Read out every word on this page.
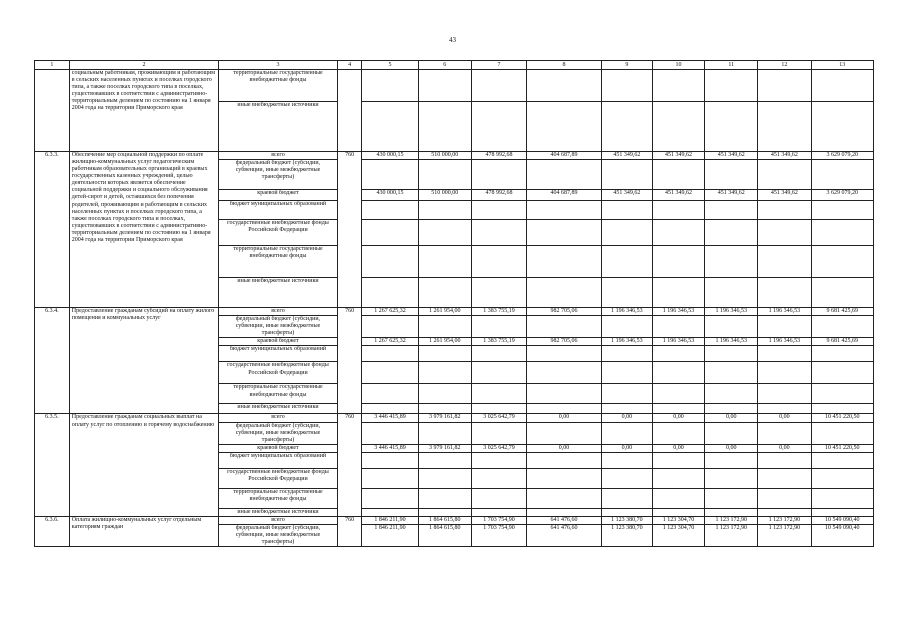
43
1	2	3	4	5	6	7	8	9	10	11	12	13
	социальным работникам, проживающим и работающим в сельских населенных пунктах и поселках городского типа, а также поселках городского типа в поселках, существовавших в соответствии с административно-территориальным делением по состоянию на 1 января 2004 года на территории Приморского края	территориальные государственные внебюджетные фонды										
		иные внебюджетные источники										
6.3.3.	Обеспечение мер социальной поддержки по оплате жилищно-коммунальных услуг педагогическим работникам образовательных организаций в краевых государственных казенных учреждений, целью деятельности которых является обеспечение социальной поддержки и социального обслуживания детей-сирот и детей, оставшихся без попечения родителей, проживающим и работающим в сельских населенных пунктах и поселках городского типа, а также поселках городского типа и поселках, существовавших в соответствии с административно-территориальным делением по состоянию на 1 января 2004 года на территории Приморского края	всего	760	430 000,15	510 000,00	478 992,68	404 687,89	451 349,62	451 349,62	451 349,62	451 349,62	3 629 079,20
		федеральный бюджет (субсидии, субвенции, иные межбюджетные трансферты)										
		краевой бюджет		430 000,15	510 000,00	478 992,68	404 687,89	451 349,62	451 349,62	451 349,62	451 349,62	3 629 079,20
		бюджет муниципальных образований										
		государственные внебюджетные фонды Российской Федерации										
		территориальные государственные внебюджетные фонды										
		иные внебюджетные источники										
6.3.4.	Предоставление гражданам субсидий на оплату жилого помещения и коммунальных услуг	всего	760	1 267 625,32	1 261 954,00	1 383 755,19	982 705,06	1 196 346,53	1 196 346,53	1 196 346,53	1 196 346,53	9 681 425,69
		федеральный бюджет (субсидии, субвенции, иные межбюджетные трансферты)										
		краевой бюджет		1 267 625,32	1 261 954,00	1 383 755,19	982 705,06	1 196 346,53	1 196 346,53	1 196 346,53	1 196 346,53	9 681 425,69
		бюджет муниципальных образований										
		государственные внебюджетные фонды Российской Федерации										
		территориальные государственные внебюджетные фонды										
		иные внебюджетные источники										
6.3.5.	Предоставление гражданам социальных выплат на оплату услуг по отоплению и горячему водоснабжению	всего	760	3 446 415,89	3 979 161,82	3 025 642,79	0,00	0,00	0,00	0,00	0,00	10 451 220,50
		федеральный бюджет (субсидии, субвенции, иные межбюджетные трансферты)										
		краевой бюджет		3 446 415,89	3 979 161,82	3 025 642,79	0,00	0,00	0,00	0,00	0,00	10 451 220,50
		бюджет муниципальных образований										
		государственные внебюджетные фонды Российской Федерации										
		территориальные государственные внебюджетные фонды										
		иные внебюджетные источники										
6.3.6.	Оплата жилищно-коммунальных услуг отдельным категориям граждан	всего	760	1 846 211,90	1 864 615,80	1 703 754,90	641 476,60	1 123 380,70	1 123 304,70	1 123 172,90	1 123 172,90	10 549 090,40
		федеральный бюджет (субсидии, субвенции, иные межбюджетные трансферты)		1 846 211,90	1 864 615,80	1 703 754,90	641 476,60	1 123 380,70	1 123 304,70	1 123 172,90	1 123 172,90	10 549 090,40
